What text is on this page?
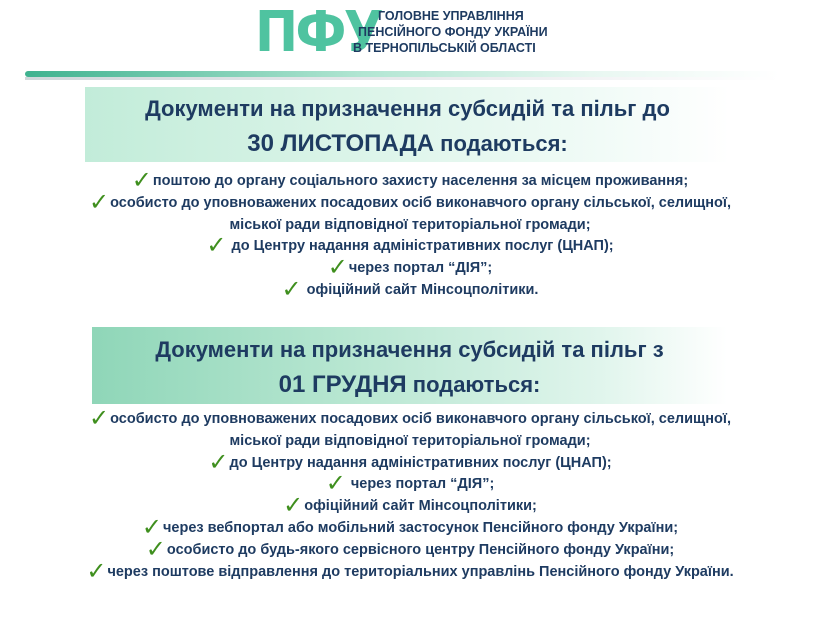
ПФУ
ГОЛОВНЕ УПРАВЛІННЯ
ПЕНСІЙНОГО ФОНДУ УКРАЇНИ
В ТЕРНОПІЛЬСЬКІЙ ОБЛАСТІ
Документи на призначення субсидій та пільг до
30 ЛИСТОПАДА подаються:
✓поштою до органу соціального захисту населення за місцем проживання;
✓особисто до уповноважених посадових осіб виконавчого органу сільської, селищної,
міської ради відповідної територіальної громади;
✓ до Центру надання адміністративних послуг (ЦНАП);
✓через портал “ДІЯ”;
✓ офіційний сайт Мінсоцполітики.
Документи на призначення субсидій та пільг з
01 ГРУДНЯ подаються:
✓особисто до уповноважених посадових осіб виконавчого органу сільської, селищної,
міської ради відповідної територіальної громади;
✓до Центру надання адміністративних послуг (ЦНАП);
✓ через портал “ДІЯ”;
✓офіційний сайт Мінсоцполітики;
✓через вебпортал або мобільний застосунок Пенсійного фонду України;
✓особисто до будь-якого сервісного центру Пенсійного фонду України;
✓через поштове відправлення до територіальних управлінь Пенсійного фонду України.
